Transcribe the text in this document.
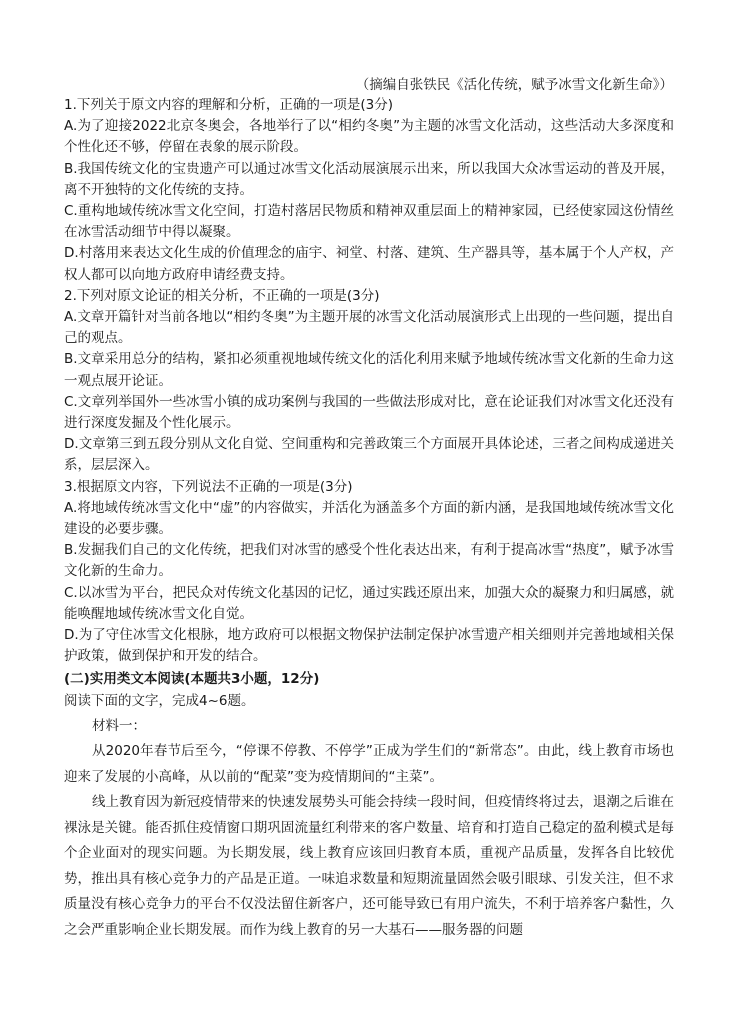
（摘编自张铁民《活化传统，赋予冰雪文化新生命》）

1.下列关于原文内容的理解和分析，正确的一项是(3分)

A.为了迎接2022北京冬奥会，各地举行了以“相约冬奥”为主题的冰雪文化活动，这些活动大多深度和个性化还不够，停留在表象的展示阶段。

B.我国传统文化的宝贵遗产可以通过冰雪文化活动展演展示出来，所以我国大众冰雪运动的普及开展，离不开独特的文化传统的支持。

C.重构地域传统冰雪文化空间，打造村落居民物质和精神双重层面上的精神家园，已经使家园这份情丝在冰雪活动细节中得以凝聚。

D.村落用来表达文化生成的价值理念的庙宇、祠堂、村落、建筑、生产器具等，基本属于个人产权，产权人都可以向地方政府申请经费支持。

2.下列对原文论证的相关分析，不正确的一项是(3分)

A.文章开篇针对当前各地以“相约冬奥”为主题开展的冰雪文化活动展演形式上出现的一些问题，提出自己的观点。

B.文章采用总分的结构，紧扣必须重视地域传统文化的活化利用来赋予地域传统冰雪文化新的生命力这一观点展开论证。

C.文章列举国外一些冰雪小镇的成功案例与我国的一些做法形成对比，意在论证我们对冰雪文化还没有进行深度发掘及个性化展示。

D.文章第三到五段分别从文化自觉、空间重构和完善政策三个方面展开具体论述，三者之间构成递进关系，层层深入。

3.根据原文内容，下列说法不正确的一项是(3分)

A.将地域传统冰雪文化中“虚”的内容做实，并活化为涵盖多个方面的新内涵，是我国地域传统冰雪文化建设的必要步骤。

B.发掘我们自己的文化传统，把我们对冰雪的感受个性化表达出来，有利于提高冰雪“热度”，赋予冰雪文化新的生命力。

C.以冰雪为平台，把民众对传统文化基因的记忆，通过实践还原出来，加强大众的凝聚力和归属感，就能唤醒地域传统冰雪文化自觉。

D.为了守住冰雪文化根脉，地方政府可以根据文物保护法制定保护冰雪遗产相关细则并完善地域相关保护政策，做到保护和开发的结合。

(二)实用类文本阅读(本题共3小题，12分)

阅读下面的文字，完成4~6题。

材料一：

从2020年春节后至今，“停课不停教、不停学”正成为学生们的“新常态”。由此，线上教育市场也迎来了发展的小高峰，从以前的“配菜”变为疫情期间的“主菜”。

线上教育因为新冠疫情带来的快速发展势头可能会持续一段时间，但疫情终将过去，退潮之后谁在裸泳是关键。能否抓住疫情窗口期巩固流量红利带来的客户数量、培育和打造自己稳定的盈利模式是每个企业面对的现实问题。为长期发展，线上教育应该回归教育本质，重视产品质量，发挥各自比较优势，推出具有核心竞争力的产品是正道。一味追求数量和短期流量固然会吸引眼球、引发关注，但不求质量没有核心竞争力的平台不仅没法留住新客户，还可能导致已有用户流失，不利于培养客户黏性，久之会严重影响企业长期发展。而作为线上教育的另一大基石——服务器的问题
